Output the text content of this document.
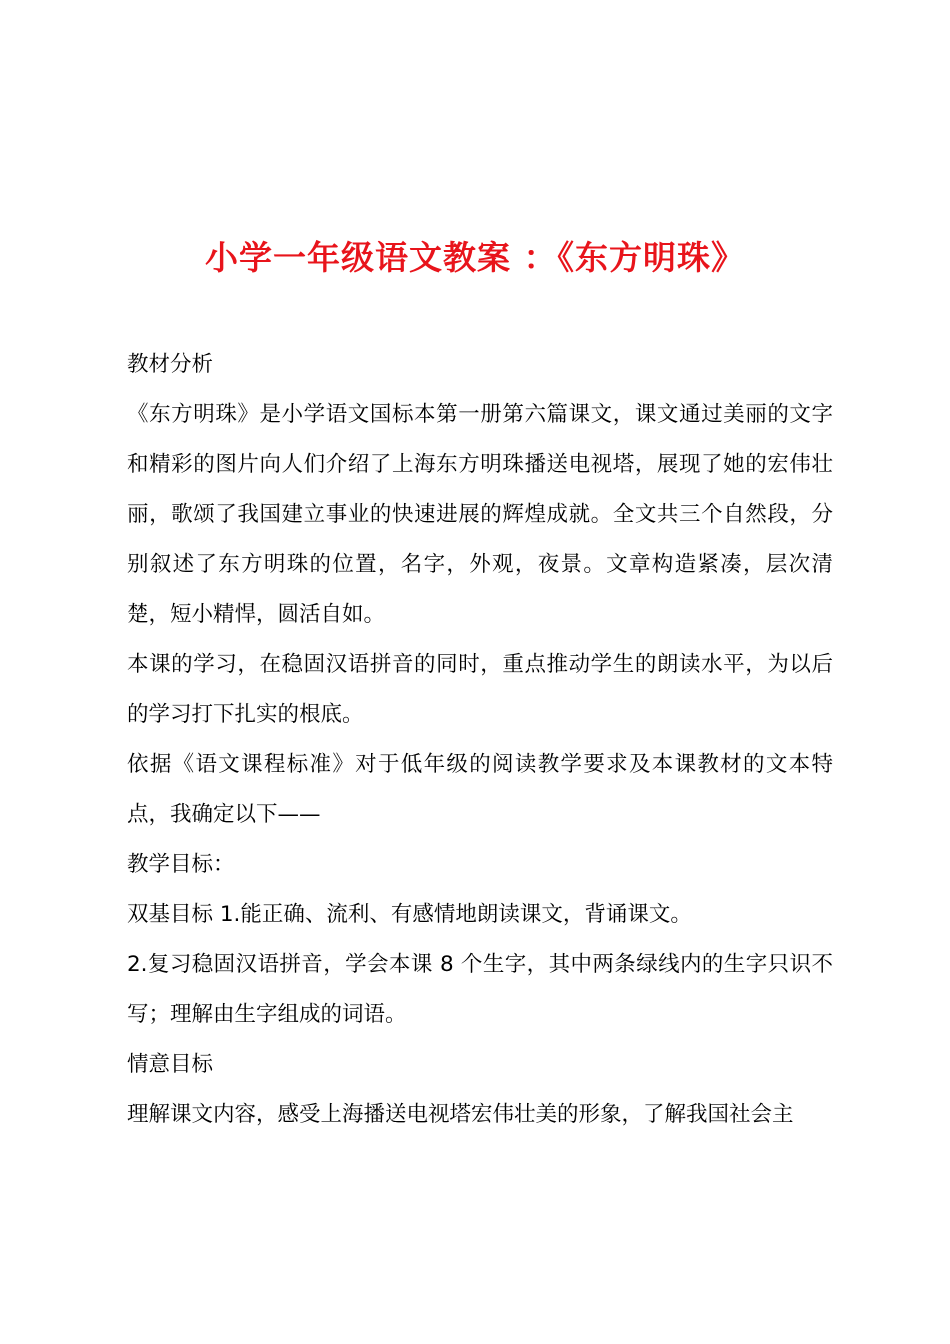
小学一年级语文教案 ：《东方明珠》

教材分析

《东方明珠》是小学语文国标本第一册第六篇课文，课文通过美丽的文字和精彩的图片向人们介绍了上海东方明珠播送电视塔，展现了她的宏伟壮丽，歌颂了我国建立事业的快速进展的辉煌成就。全文共三个自然段，分别叙述了东方明珠的位置，名字，外观，夜景。文章构造紧凑，层次清楚，短小精悍，圆活自如。

本课的学习，在稳固汉语拼音的同时，重点推动学生的朗读水平，为以后的学习打下扎实的根底。

依据《语文课程标准》对于低年级的阅读教学要求及本课教材的文本特点，我确定以下——

教学目标：

双基目标 1.能正确、流利、有感情地朗读课文，背诵课文。

2.复习稳固汉语拼音，学会本课 8 个生字，其中两条绿线内的生字只识不写；理解由生字组成的词语。

情意目标

理解课文内容，感受上海播送电视塔宏伟壮美的形象，了解我国社会主
